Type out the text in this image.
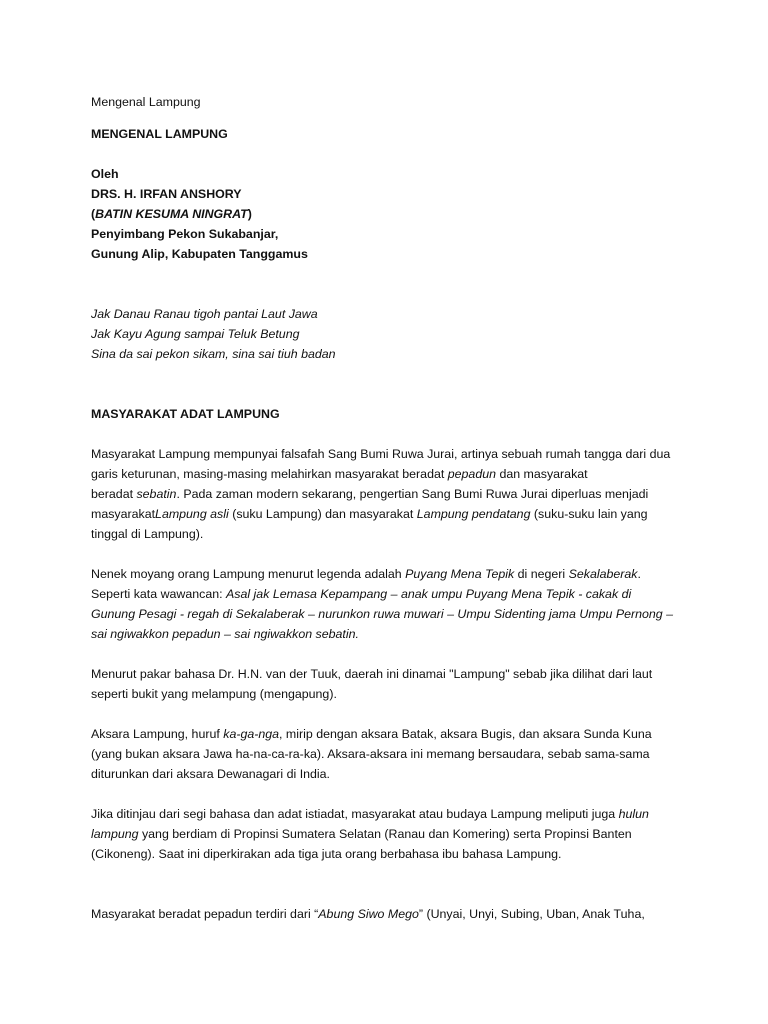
Mengenal Lampung

MENGENAL LAMPUNG

Oleh
DRS. H. IRFAN ANSHORY
(BATIN KESUMA NINGRAT)
Penyimbang Pekon Sukabanjar,
Gunung Alip, Kabupaten Tanggamus

Jak Danau Ranau tigoh pantai Laut Jawa
Jak Kayu Agung sampai Teluk Betung
Sina da sai pekon sikam, sina sai tiuh badan

MASYARAKAT ADAT LAMPUNG

Masyarakat Lampung mempunyai falsafah Sang Bumi Ruwa Jurai, artinya sebuah rumah tangga dari dua
garis keturunan, masing-masing melahirkan masyarakat beradat pepadun dan masyarakat
beradat sebatin. Pada zaman modern sekarang, pengertian Sang Bumi Ruwa Jurai diperluas menjadi
masyarakatLampung asli (suku Lampung) dan masyarakat Lampung pendatang (suku-suku lain yang
tinggal di Lampung).

Nenek moyang orang Lampung menurut legenda adalah Puyang Mena Tepik di negeri Sekalaberak.
Seperti kata wawancan: Asal jak Lemasa Kepampang – anak umpu Puyang Mena Tepik - cakak di
Gunung Pesagi - regah di Sekalaberak – nurunkon ruwa muwari – Umpu Sidenting jama Umpu Pernong –
sai ngiwakkon pepadun – sai ngiwakkon sebatin.

Menurut pakar bahasa Dr. H.N. van der Tuuk, daerah ini dinamai "Lampung" sebab jika dilihat dari laut
seperti bukit yang melampung (mengapung).

Aksara Lampung, huruf ka-ga-nga, mirip dengan aksara Batak, aksara Bugis, dan aksara Sunda Kuna
(yang bukan aksara Jawa ha-na-ca-ra-ka). Aksara-aksara ini memang bersaudara, sebab sama-sama
diturunkan dari aksara Dewanagari di India.

Jika ditinjau dari segi bahasa dan adat istiadat, masyarakat atau budaya Lampung meliputi juga hulun
lampung yang berdiam di Propinsi Sumatera Selatan (Ranau dan Komering) serta Propinsi Banten
(Cikoneng). Saat ini diperkirakan ada tiga juta orang berbahasa ibu bahasa Lampung.

Masyarakat beradat pepadun terdiri dari “Abung Siwo Mego” (Unyai, Unyi, Subing, Uban, Anak Tuha,
